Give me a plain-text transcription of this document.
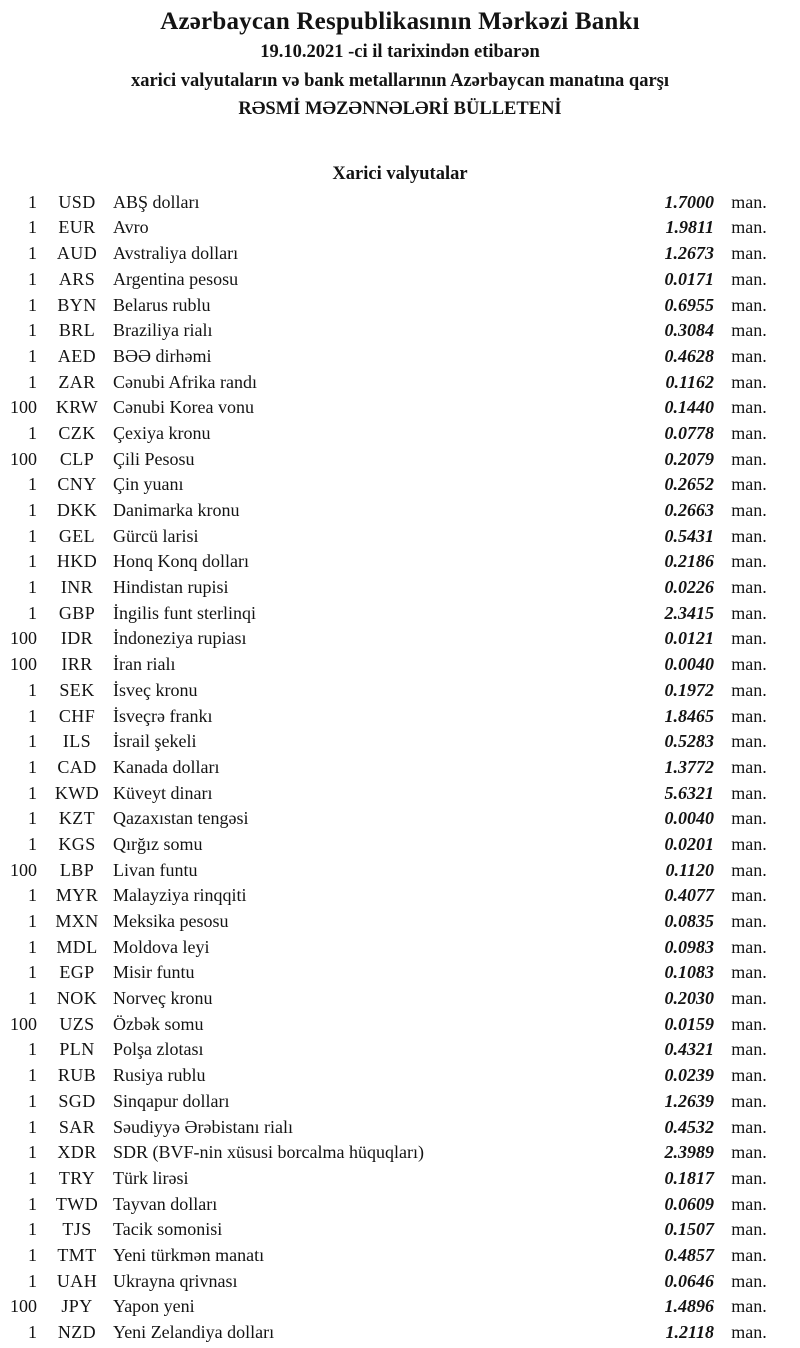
Azərbaycan Respublikasının Mərkəzi Bankı
19.10.2021 -ci il tarixindən etibarən
xarici valyutaların və bank metallarının Azərbaycan manatına qarşı
RƏSMİ MƏZƏNNƏLƏRİ BÜLLETENİ
Xarici valyutalar
1	USD ABŞ dolları	1.7000 man.
1	EUR Avro	1.9811 man.
1	AUD Avstraliya dolları	1.2673 man.
1	ARS Argentina pesosu	0.0171 man.
1	BYN Belarus rublu	0.6955 man.
1	BRL Braziliya rialı	0.3084 man.
1	AED BƏƏ dirhəmi	0.4628 man.
1	ZAR Cənubi Afrika randı	0.1162 man.
100	KRW Cənubi Korea vonu	0.1440 man.
1	CZK Çexiya kronu	0.0778 man.
100	CLP	Çili Pesosu	0.2079 man.
1	CNY Çin yuanı	0.2652 man.
1	DKK Danimarka kronu	0.2663 man.
1	GEL Gürcü larisi	0.5431 man.
1	HKD Honq Konq dolları	0.2186 man.
1	INR	Hindistan rupisi	0.0226 man.
1	GBP İngilis funt sterlinqi	2.3415 man.
100	IDR	İndoneziya rupiası	0.0121 man.
100	IRR	İran rialı	0.0040 man.
1	SEK	İsveç kronu	0.1972 man.
1	CHF İsveçrə frankı	1.8465 man.
1	ILS	İsrail şekeli	0.5283 man.
1	CAD Kanada dolları	1.3772 man.
1 KWD Küveyt dinarı	5.6321 man.
1	KZT Qazaxıstan tengəsi	0.0040 man.
1	KGS Qırğız somu	0.0201 man.
100	LBP	Livan funtu	0.1120 man.
1	MYR Malayziya rinqqiti	0.4077 man.
1	MXN Meksika pesosu	0.0835 man.
1	MDL Moldova leyi	0.0983 man.
1	EGP	Misir funtu	0.1083 man.
1	NOK Norveç kronu	0.2030 man.
100	UZS	Özbək somu	0.0159 man.
1	PLN	Polşa zlotası	0.4321 man.
1	RUB Rusiya rublu	0.0239 man.
1	SGD Sinqapur dolları	1.2639 man.
1	SAR Səudiyyə Ərəbistanı rialı	0.4532 man.
1	XDR SDR (BVF-nin xüsusi borcalma hüquqları)	2.3989 man.
1	TRY Türk lirəsi	0.1817 man.
1	TWD Tayvan dolları	0.0609 man.
1	TJS	Tacik somonisi	0.1507 man.
1	TMT Yeni türkmən manatı	0.4857 man.
1	UAH Ukrayna qrivnası	0.0646 man.
100	JPY	Yapon yeni	1.4896 man.
1	NZD Yeni Zelandiya dolları	1.2118 man.
